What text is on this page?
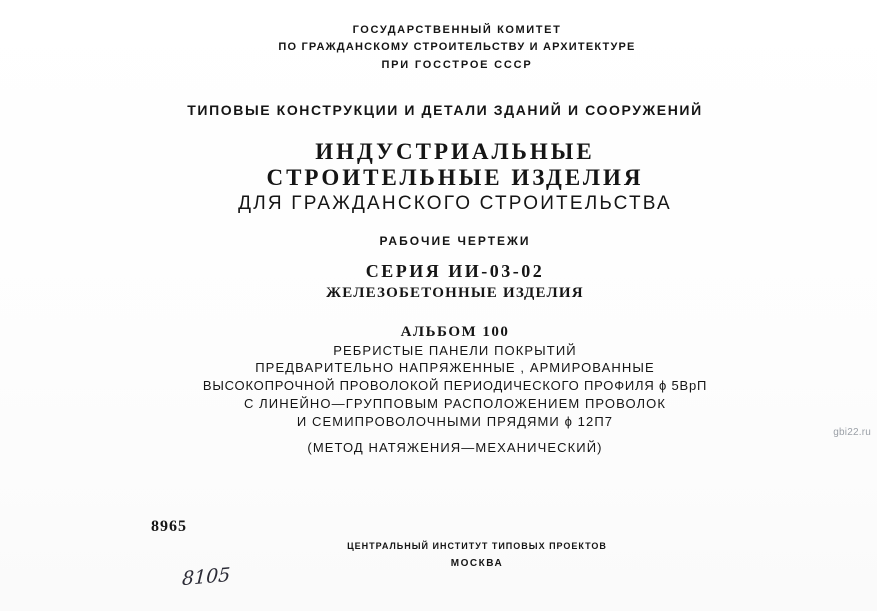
ГОСУДАРСТВЕННЫЙ КОМИТЕТ
ПО ГРАЖДАНСКОМУ СТРОИТЕЛЬСТВУ И АРХИТЕКТУРЕ
ПРИ ГОССТРОЕ СССР
ТИПОВЫЕ КОНСТРУКЦИИ И ДЕТАЛИ ЗДАНИЙ И СООРУЖЕНИЙ
ИНДУСТРИАЛЬНЫЕ
СТРОИТЕЛЬНЫЕ ИЗДЕЛИЯ
ДЛЯ ГРАЖДАНСКОГО СТРОИТЕЛЬСТВА
РАБОЧИЕ ЧЕРТЕЖИ
СЕРИЯ ИИ-03-02
ЖЕЛЕЗОБЕТОННЫЕ ИЗДЕЛИЯ
АЛЬБОМ 100
РЕБРИСТЫЕ ПАНЕЛИ ПОКРЫТИЙ
ПРЕДВАРИТЕЛЬНО НАПРЯЖЕННЫЕ , АРМИРОВАННЫЕ
ВЫСОКОПРОЧНОЙ ПРОВОЛОКОЙ ПЕРИОДИЧЕСКОГО ПРОФИЛЯ ϕ 5ВрП
С ЛИНЕЙНО—ГРУППОВЫМ РАСПОЛОЖЕНИЕМ ПРОВОЛОК
И СЕМИПРОВОЛОЧНЫМИ ПРЯДЯМИ ϕ 12П7
(МЕТОД НАТЯЖЕНИЯ—МЕХАНИЧЕСКИЙ)
8965
ЦЕНТРАЛЬНЫЙ ИНСТИТУТ ТИПОВЫХ ПРОЕКТОВ
МОСКВА
8105
gbi22.ru
